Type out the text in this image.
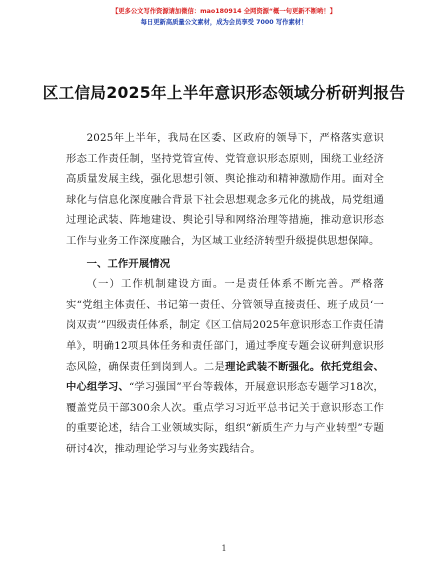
【更多公文写作资源请加微信：mao180914 全网资源“概一句更新不断哟！】
每日更新高质量公文素材，成为会员享受 7000 写作素材！
区工信局2025年上半年意识形态领域分析研判报告

2025年上半年，我局在区委、区政府的领导下，严格落实意识形态工作责任制，坚持党管宣传、党管意识形态原则，围绕工业经济高质量发展主线，强化思想引领、舆论推动和精神激励作用。面对全球化与信息化深度融合背景下社会思想观念多元化的挑战，局党组通过理论武装、阵地建设、舆论引导和网络治理等措施，推动意识形态工作与业务工作深度融合，为区域工业经济转型升级提供思想保障。

一、工作开展情况

（一）工作机制建设方面。一是责任体系不断完善。严格落实“党组主体责任、书记第一责任、分管领导直接责任、班子成员‘一岗双责’”四级责任体系，制定《区工信局2025年意识形态工作责任清单》，明确12项具体任务和责任部门，通过季度专题会议研判意识形态风险，确保责任到岗到人。二是理论武装不断强化。依托党组会、中心组学习、“学习强国”平台等载体，开展意识形态专题学习18次，覆盖党员干部300余人次。重点学习习近平总书记关于意识形态工作的重要论述，结合工业领域实际，组织“新质生产力与产业转型”专题研讨4次，推动理论学习与业务实践结合。

1
